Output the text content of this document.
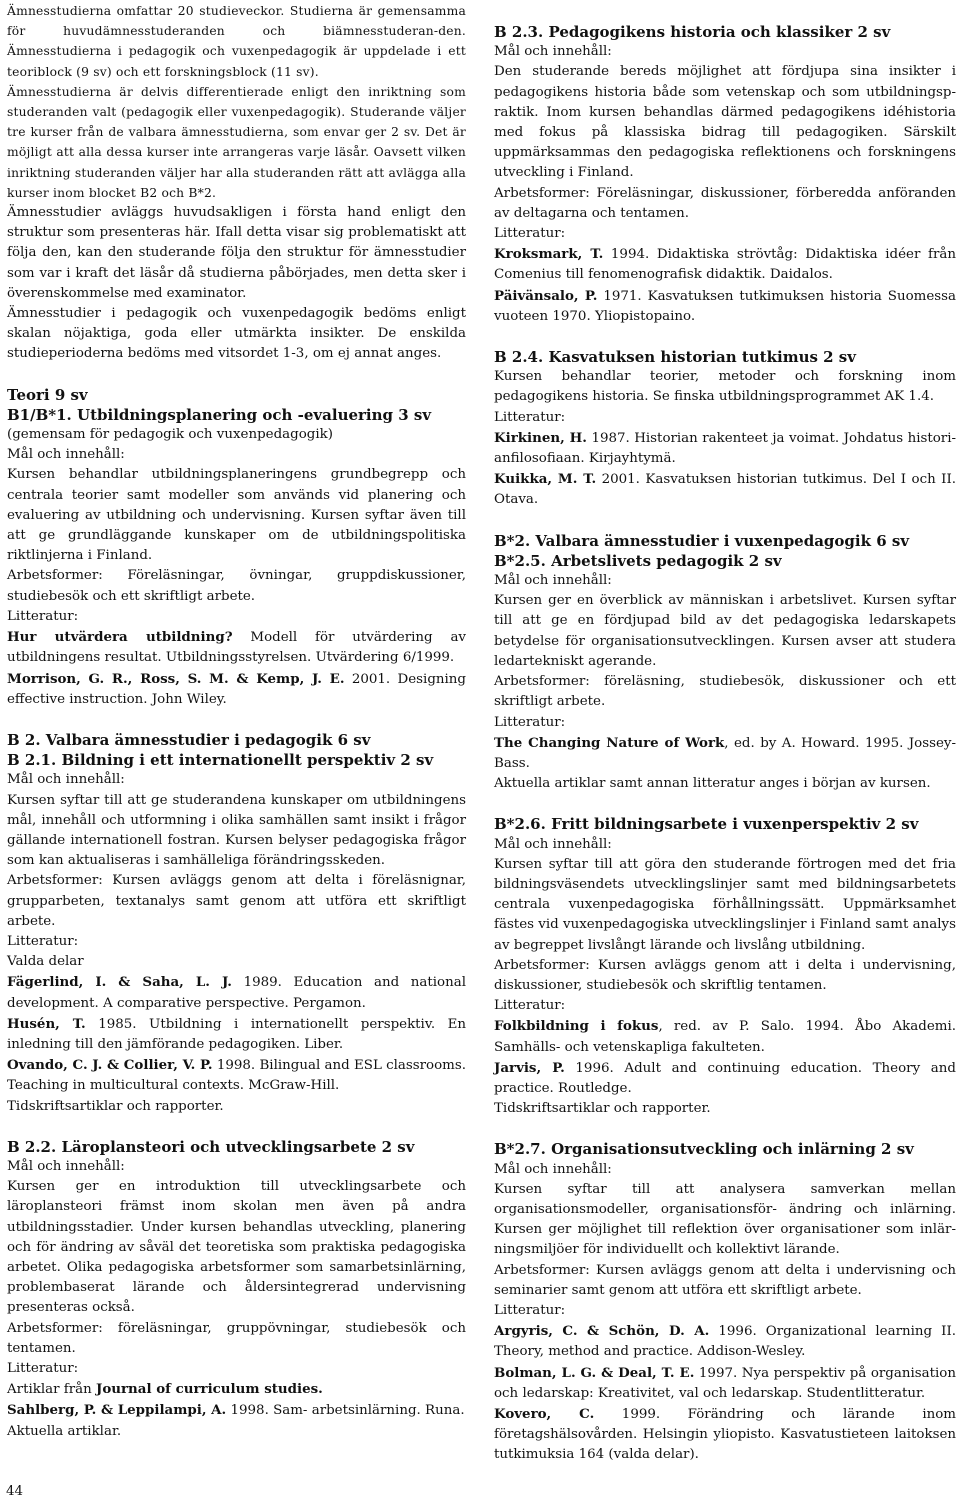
Ämnesstudierna omfattar 20 studieveckor. Studierna är gemensamma för huvudämnesstuderanden och biämnesstuderan-den. Ämnesstudierna i pedagogik och vuxenpedagogik är uppdelade i ett teoriblock (9 sv) och ett forskningsblock (11 sv).

Ämnesstudierna är delvis differentierade enligt den inriktning som studeranden valt (pedagogik eller vuxenpedagogik). Studerande väljer tre kurser från de valbara ämnesstudierna, som envar ger 2 sv. Det är möjligt att alla dessa kurser inte arrangeras varje läsår. Oavsett vilken inriktning studeranden väljer har alla studeranden rätt att avlägga alla kurser inom blocket B2 och B*2.

Ämnesstudier avläggs huvudsakligen i första hand enligt den struktur som presenteras här. Ifall detta visar sig problematiskt att följa den, kan den studerande följa den struktur för ämnesstudier som var i kraft det läsår då studierna påbörjades, men detta sker i överenskommelse med examinator.

Ämnesstudier i pedagogik och vuxenpedagogik bedöms enligt skalan nöjaktiga, goda eller utmärkta insikter. De enskilda studieperioderna bedöms med vitsordet 1-3, om ej annat anges.

Teori 9 sv

B1/B*1. Utbildningsplanering och -evaluering 3 sv

(gemensam för pedagogik och vuxenpedagogik)

Mål och innehåll:

Kursen behandlar utbildningsplaneringens grundbegrepp och centrala teorier samt modeller som används vid planering och evaluering av utbildning och undervisning. Kursen syftar även till att ge grundläggande kunskaper om de utbildningspolitiska riktlinjerna i Finland.

Arbetsformer: Föreläsningar, övningar, gruppdiskussioner, studiebesök och ett skriftligt arbete.

Litteratur:

Hur utvärdera utbildning? Modell för utvärdering av utbildningens resultat. Utbildningsstyrelsen. Utvärdering 6/1999.

Morrison, G. R., Ross, S. M. & Kemp, J. E. 2001. Designing effective instruction. John Wiley.

B 2. Valbara ämnesstudier i pedagogik 6 sv

B 2.1. Bildning i ett internationellt perspektiv 2 sv

Mål och innehåll:

Kursen syftar till att ge studerandena kunskaper om utbildningens mål, innehåll och utformning i olika samhällen samt insikt i frågor gällande internationell fostran. Kursen belyser pedagogiska frågor som kan aktualiseras i samhälleliga förändringsskeden.

Arbetsformer: Kursen avläggs genom att delta i föreläsnignar, grupparbeten, textanalys samt genom att utföra ett skriftligt arbete.

Litteratur:

Valda delar

Fägerlind, I. & Saha, L. J. 1989. Education and national development. A comparative perspective. Pergamon.

Husén, T. 1985. Utbildning i internationellt perspektiv. En inledning till den jämförande pedagogiken. Liber.

Ovando, C. J. & Collier, V. P. 1998. Bilingual and ESL classrooms. Teaching in multicultural contexts. McGraw-Hill.

Tidskriftsartiklar och rapporter.

B 2.2. Läroplansteori och utvecklingsarbete 2 sv

Mål och innehåll:

Kursen ger en introduktion till utvecklingsarbete och läroplansteori främst inom skolan men även på andra utbildningsstadier. Under kursen behandlas utveckling, planering och för ändring av såväl det teoretiska som praktiska pedagogiska arbetet. Olika pedagogiska arbetsformer som samarbetsinlärning, problembaserat lärande och åldersintegrerad undervisning presenteras också.

Arbetsformer: föreläsningar, gruppövningar, studiebesök och tentamen.

Litteratur:

Artiklar från Journal of curriculum studies.

Sahlberg, P. & Leppilampi, A. 1998. Sam- arbetsinlärning. Runa.

Aktuella artiklar.

B 2.3. Pedagogikens historia och klassiker 2 sv

Mål och innehåll:

Den studerande bereds möjlighet att fördjupa sina insikter i pedagogikens historia både som vetenskap och som utbildningsp-raktik. Inom kursen behandlas därmed pedagogikens idéhistoria med fokus på klassiska bidrag till pedagogiken. Särskilt uppmärksammas den pedagogiska reflektionens och forskningens utveckling i Finland.

Arbetsformer: Föreläsningar, diskussioner, förberedda anföranden av deltagarna och tentamen.

Litteratur:

Kroksmark, T. 1994. Didaktiska strövtåg: Didaktiska idéer från Comenius till fenomenografisk didaktik. Daidalos.

Päivänsalo, P. 1971. Kasvatuksen tutkimuksen historia Suomessa vuoteen 1970. Yliopistopaino.

B 2.4. Kasvatuksen historian tutkimus 2 sv

Kursen behandlar teorier, metoder och forskning inom pedagogikens historia. Se finska utbildningsprogrammet AK 1.4.

Litteratur:

Kirkinen, H. 1987. Historian rakenteet ja voimat. Johdatus histori-anfilosofiaan. Kirjayhtymä.

Kuikka, M. T. 2001. Kasvatuksen historian tutkimus. Del I och II. Otava.

B*2. Valbara ämnesstudier i vuxenpedagogik 6 sv

B*2.5. Arbetslivets pedagogik 2 sv

Mål och innehåll:

Kursen ger en överblick av människan i arbetslivet. Kursen syftar till att ge en fördjupad bild av det pedagogiska ledarskapets betydelse för organisationsutvecklingen. Kursen avser att studera ledartekniskt agerande.

Arbetsformer: föreläsning, studiebesök, diskussioner och ett skriftligt arbete.

Litteratur:

The Changing Nature of Work, ed. by A. Howard. 1995. Jossey-Bass.

Aktuella artiklar samt annan litteratur anges i början av kursen.

B*2.6. Fritt bildningsarbete i vuxenperspektiv 2 sv

Mål och innehåll:

Kursen syftar till att göra den studerande förtrogen med det fria bildningsväsendets utvecklingslinjer samt med bildningsarbetets centrala vuxenpedagogiska förhållningssätt. Uppmärksamhet fästes vid vuxenpedagogiska utvecklingslinjer i Finland samt analys av begreppet livslångt lärande och livslång utbildning.

Arbetsformer: Kursen avläggs genom att i delta i undervisning, diskussioner, studiebesök och skriftlig tentamen.

Litteratur:

Folkbildning i fokus, red. av P. Salo. 1994. Åbo Akademi. Samhälls- och vetenskapliga fakulteten.

Jarvis, P. 1996. Adult and continuing education. Theory and practice. Routledge.

Tidskriftsartiklar och rapporter.

B*2.7. Organisationsutveckling och inlärning 2 sv

Mål och innehåll:

Kursen syftar till att analysera samverkan mellan organisationsmodeller, organisationsför- ändring och inlärning. Kursen ger möjlighet till reflektion över organisationer som inlär-ningsmiljöer för individuellt och kollektivt lärande.

Arbetsformer: Kursen avläggs genom att delta i undervisning och seminarier samt genom att utföra ett skriftligt arbete.

Litteratur:

Argyris, C. & Schön, D. A. 1996. Organizational learning II. Theory, method and practice. Addison-Wesley.

Bolman, L. G. & Deal, T. E. 1997. Nya perspektiv på organisation och ledarskap: Kreativitet, val och ledarskap. Studentlitteratur.

Kovero, C. 1999. Förändring och lärande inom företagshälsovården. Helsingin yliopisto. Kasvatustieteen laitoksen tutkimuksia 164 (valda delar).

44
